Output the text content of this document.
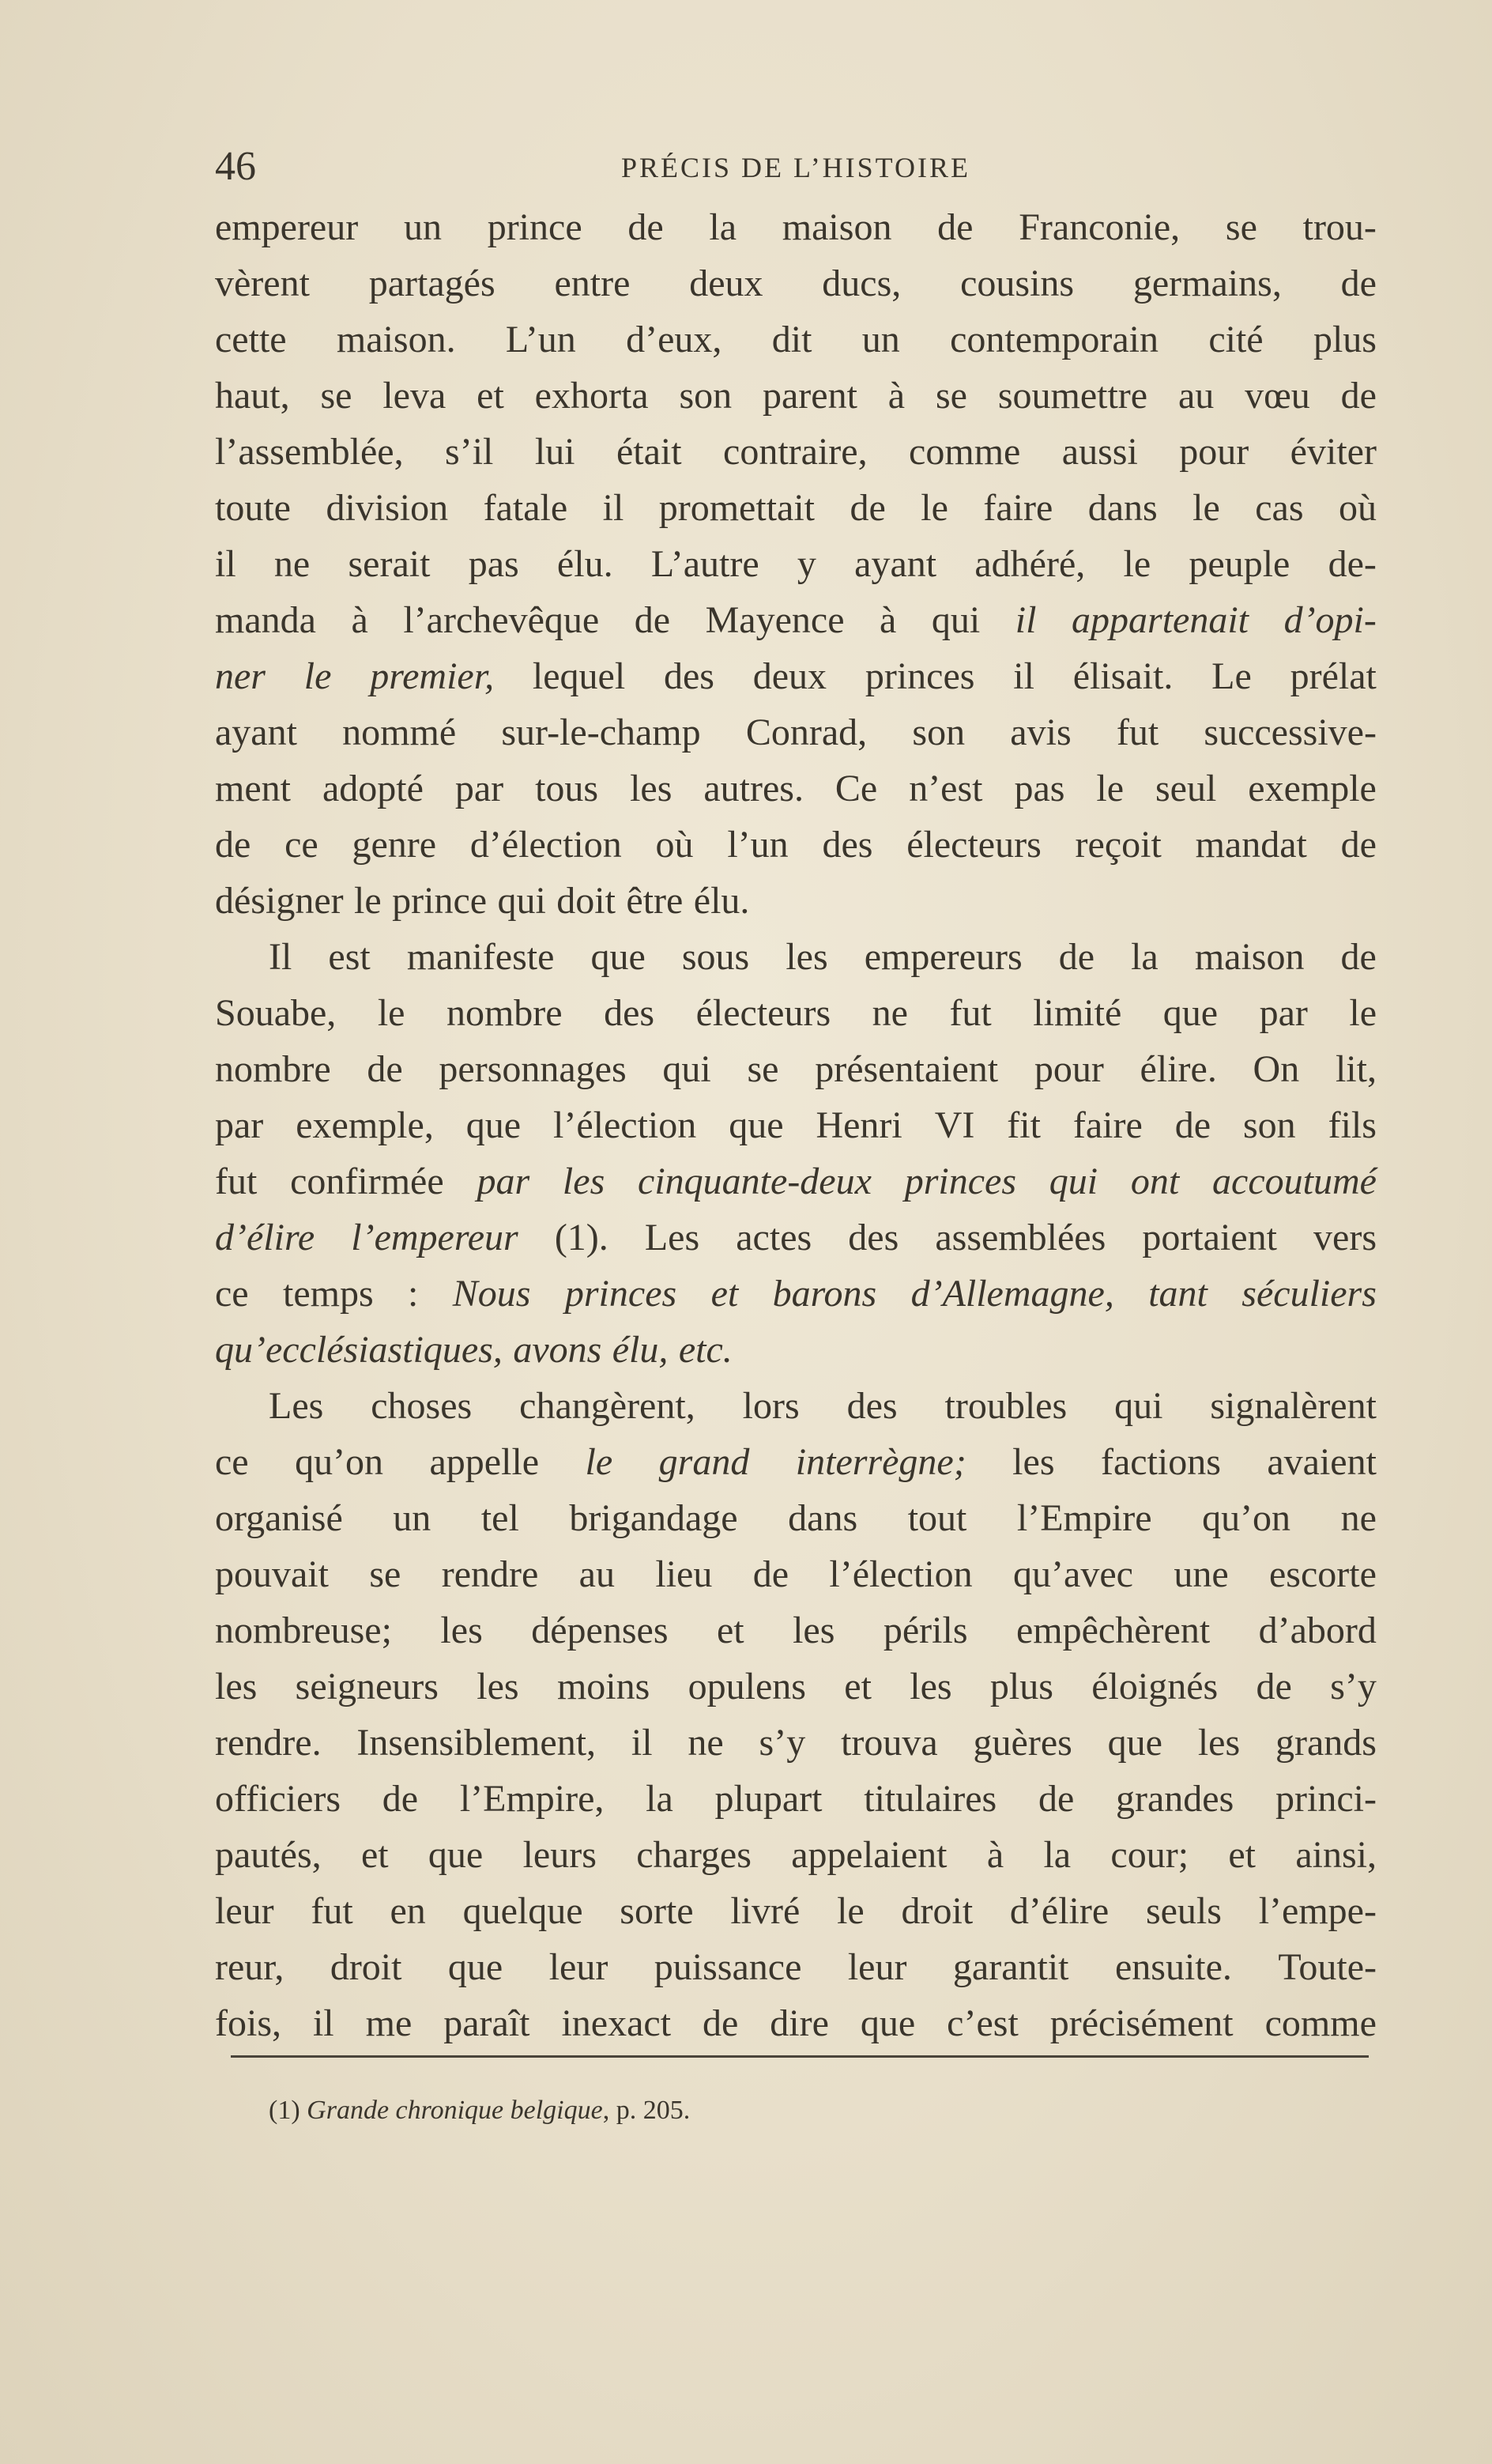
46	PRÉCIS DE L’HISTOIRE
empereur un prince de la maison de Franconie, se trou-
vèrent partagés entre deux ducs, cousins germains, de
cette maison. L’un d’eux, dit un contemporain cité plus
haut, se leva et exhorta son parent à se soumettre au vœu de
l’assemblée, s’il lui était contraire, comme aussi pour éviter
toute division fatale il promettait de le faire dans le cas où
il ne serait pas élu. L’autre y ayant adhéré, le peuple de-
manda à l’archevêque de Mayence à qui il appartenait d’opi-
ner le premier, lequel des deux princes il élisait. Le prélat
ayant nommé sur-le-champ Conrad, son avis fut successive-
ment adopté par tous les autres. Ce n’est pas le seul exemple
de ce genre d’élection où l’un des électeurs reçoit mandat de
désigner le prince qui doit être élu.
Il est manifeste que sous les empereurs de la maison de
Souabe, le nombre des électeurs ne fut limité que par le
nombre de personnages qui se présentaient pour élire. On lit,
par exemple, que l’élection que Henri VI fit faire de son fils
fut confirmée par les cinquante-deux princes qui ont accoutumé
d’élire l’empereur (1). Les actes des assemblées portaient vers
ce temps : Nous princes et barons d’Allemagne, tant séculiers
qu’ecclésiastiques, avons élu, etc.
Les choses changèrent, lors des troubles qui signalèrent
ce qu’on appelle le grand interrègne; les factions avaient
organisé un tel brigandage dans tout l’Empire qu’on ne
pouvait se rendre au lieu de l’élection qu’avec une escorte
nombreuse; les dépenses et les périls empêchèrent d’abord
les seigneurs les moins opulens et les plus éloignés de s’y
rendre. Insensiblement, il ne s’y trouva guères que les grands
officiers de l’Empire, la plupart titulaires de grandes princi-
pautés, et que leurs charges appelaient à la cour; et ainsi,
leur fut en quelque sorte livré le droit d’élire seuls l’empe-
reur, droit que leur puissance leur garantit ensuite. Toute-
fois, il me paraît inexact de dire que c’est précisément comme
(1) Grande chronique belgique, p. 205.
